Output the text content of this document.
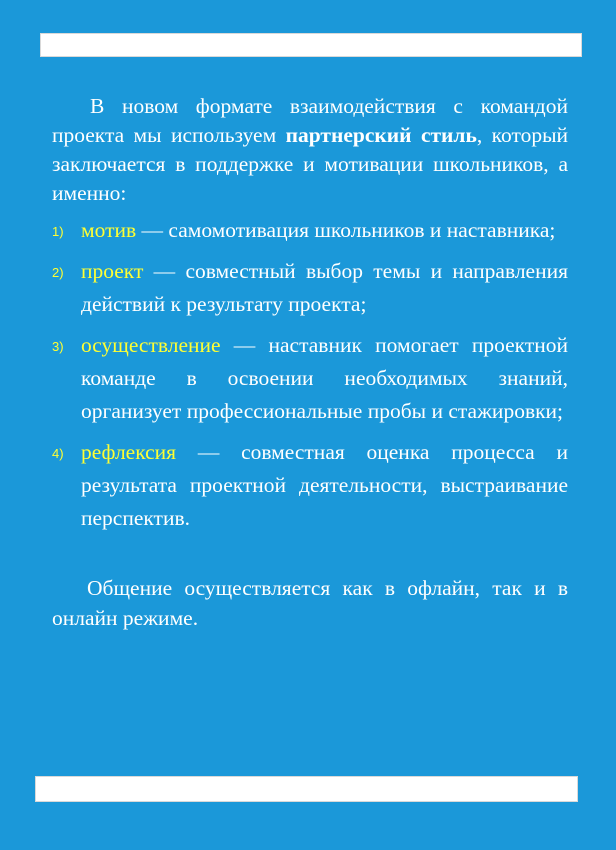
В новом формате взаимодействия с командой проекта мы используем партнерский стиль, который заключается в поддержке и мотивации школьников, а именно:

1) мотив — самомотивация школьников и наставника;
2) проект — совместный выбор темы и направления действий к результату проекта;
3) осуществление — наставник помогает проектной команде в освоении необходимых знаний, организует профессиональные пробы и стажировки;
4) рефлексия — совместная оценка процесса и результата проектной деятельности, выстраивание перспектив.

Общение осуществляется как в офлайн, так и в онлайн режиме.
